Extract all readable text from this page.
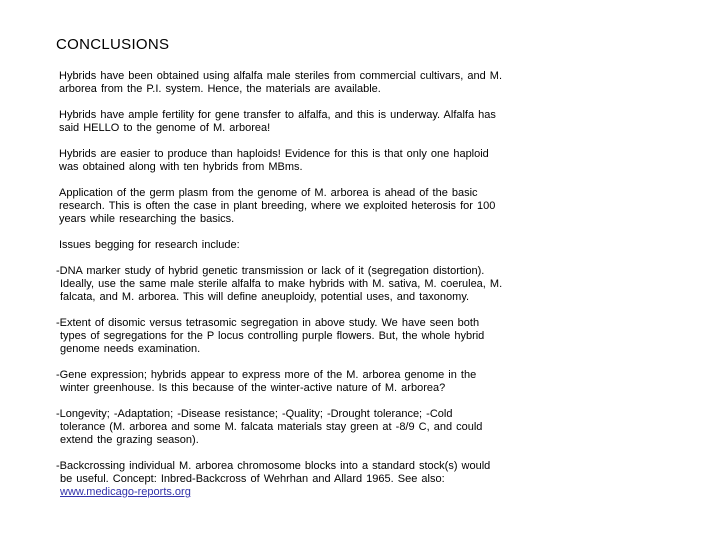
CONCLUSIONS

Hybrids have been obtained using alfalfa male steriles from commercial cultivars, and M.
arborea from the P.I. system. Hence, the materials are available.

Hybrids have ample fertility for gene transfer to alfalfa, and this is underway. Alfalfa has
said HELLO to the genome of M. arborea!

Hybrids are easier to produce than haploids! Evidence for this is that only one haploid
was obtained along with ten hybrids from MBms.

Application of the germ plasm from the genome of M. arborea is ahead of the basic
research. This is often the case in plant breeding, where we exploited heterosis for 100
years while researching the basics.

Issues begging for research include:

-DNA marker study of hybrid genetic transmission or lack of it (segregation distortion).
Ideally, use the same male sterile alfalfa to make hybrids with M. sativa, M. coerulea, M.
falcata, and M. arborea. This will define aneuploidy, potential uses, and taxonomy.

-Extent of disomic versus tetrasomic segregation in above study. We have seen both
types of segregations for the P locus controlling purple flowers. But, the whole hybrid
genome needs examination.

-Gene expression; hybrids appear to express more of the M. arborea genome in the
winter greenhouse. Is this because of the winter-active nature of M. arborea?

-Longevity; -Adaptation; -Disease resistance; -Quality; -Drought tolerance; -Cold
tolerance (M. arborea and some M. falcata materials stay green at -8/9 C, and could
extend the grazing season).

-Backcrossing individual M. arborea chromosome blocks into a standard stock(s) would
be useful. Concept: Inbred-Backcross of Wehrhan and Allard 1965. See also:
www.medicago-reports.org
